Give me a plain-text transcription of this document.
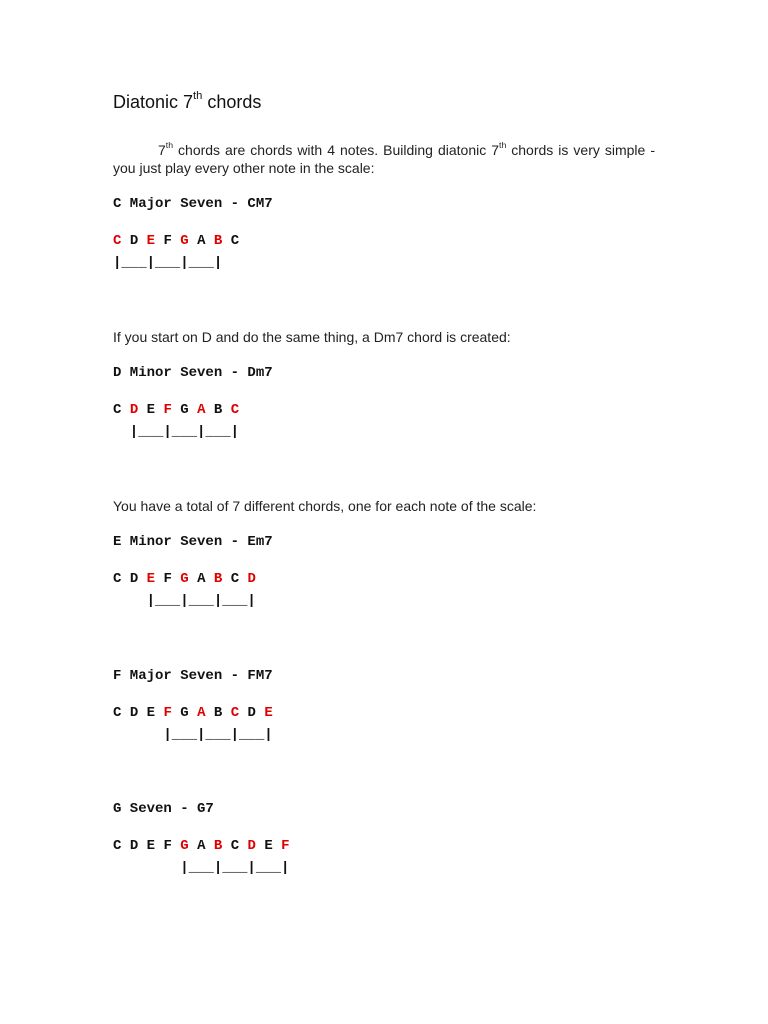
Diatonic 7th chords

7th chords are chords with 4 notes. Building diatonic 7th chords is very simple - you just play every other note in the scale:

C Major Seven - CM7
C D E F G A B C
|___|___|___|

If you start on D and do the same thing, a Dm7 chord is created:

D Minor Seven - Dm7
C D E F G A B C
|___|___|___|

You have a total of 7 different chords, one for each note of the scale:

E Minor Seven - Em7
C D E F G A B C D
|___|___|___|
F Major Seven - FM7
C D E F G A B C D E
|___|___|___|
G Seven - G7
C D E F G A B C D E F
|___|___|___|
